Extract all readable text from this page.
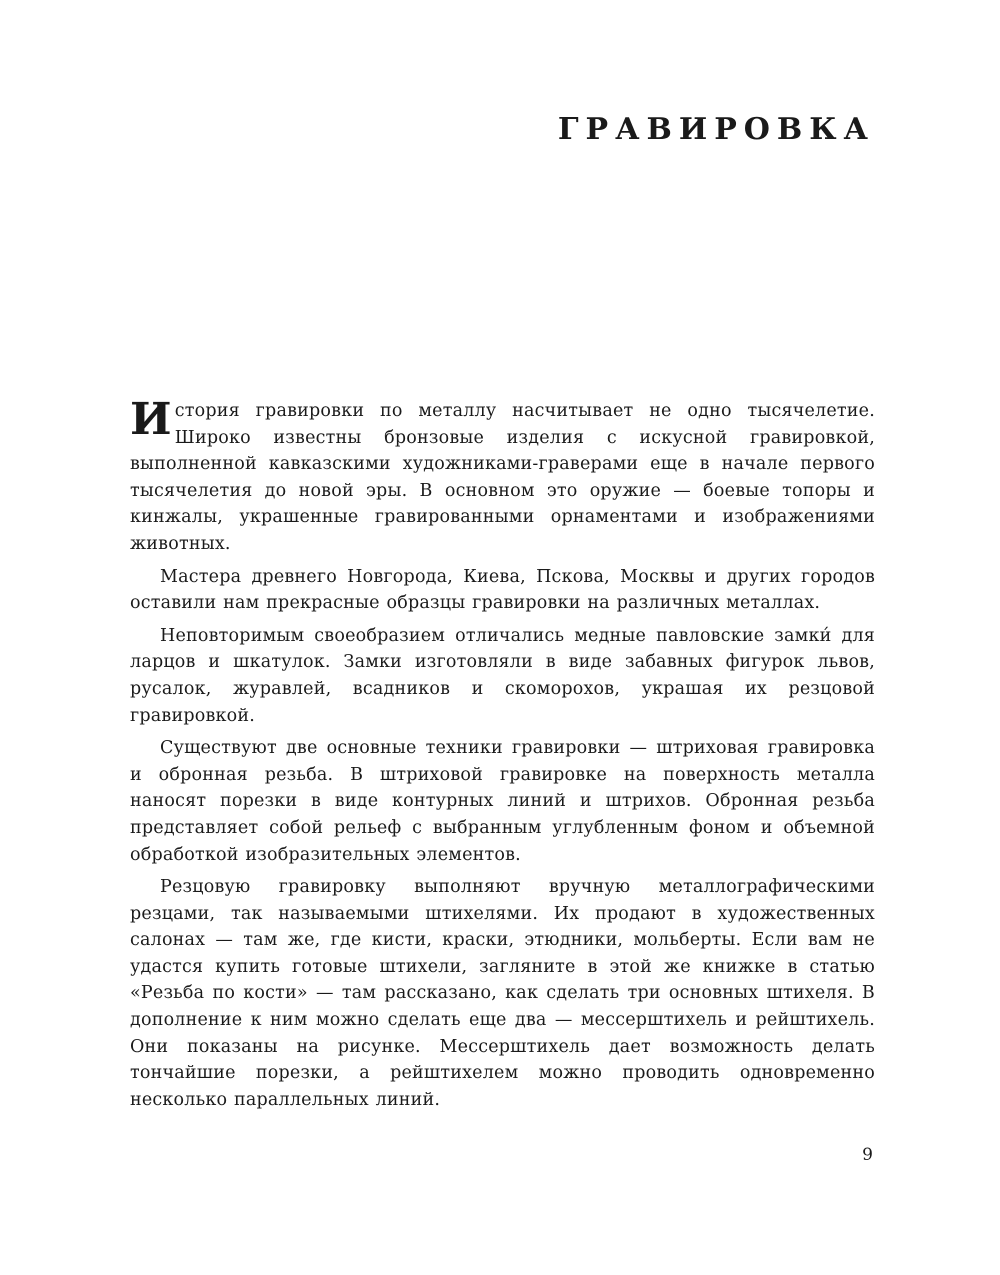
ГРАВИРОВКА

История гравировки по металлу насчитывает не одно тысячелетие. Широко известны бронзовые изделия с искусной гравировкой, выполненной кавказскими художниками-граверами еще в начале первого тысячелетия до новой эры. В основном это оружие — боевые топоры и кинжалы, украшенные гравированными орнаментами и изображениями животных.

Мастера древнего Новгорода, Киева, Пскова, Москвы и других городов оставили нам прекрасные образцы гравировки на различных металлах.

Неповторимым своеобразием отличались медные павловские замки́ для ларцов и шкатулок. Замки изготовляли в виде забавных фигурок львов, русалок, журавлей, всадников и скоморохов, украшая их резцовой гравировкой.

Существуют две основные техники гравировки — штриховая гравировка и обронная резьба. В штриховой гравировке на поверхность металла наносят порезки в виде контурных линий и штрихов. Обронная резьба представляет собой рельеф с выбранным углубленным фоном и объемной обработкой изобразительных элементов.

Резцовую гравировку выполняют вручную металлографическими резцами, так называемыми штихелями. Их продают в художественных салонах — там же, где кисти, краски, этюдники, мольберты. Если вам не удастся купить готовые штихели, загляните в этой же книжке в статью «Резьба по кости» — там рассказано, как сделать три основных штихеля. В дополнение к ним можно сделать еще два — мессерштихель и рейштихель. Они показаны на рисунке. Мессерштихель дает возможность делать тончайшие порезки, а рейштихелем можно проводить одновременно несколько параллельных линий.

9
